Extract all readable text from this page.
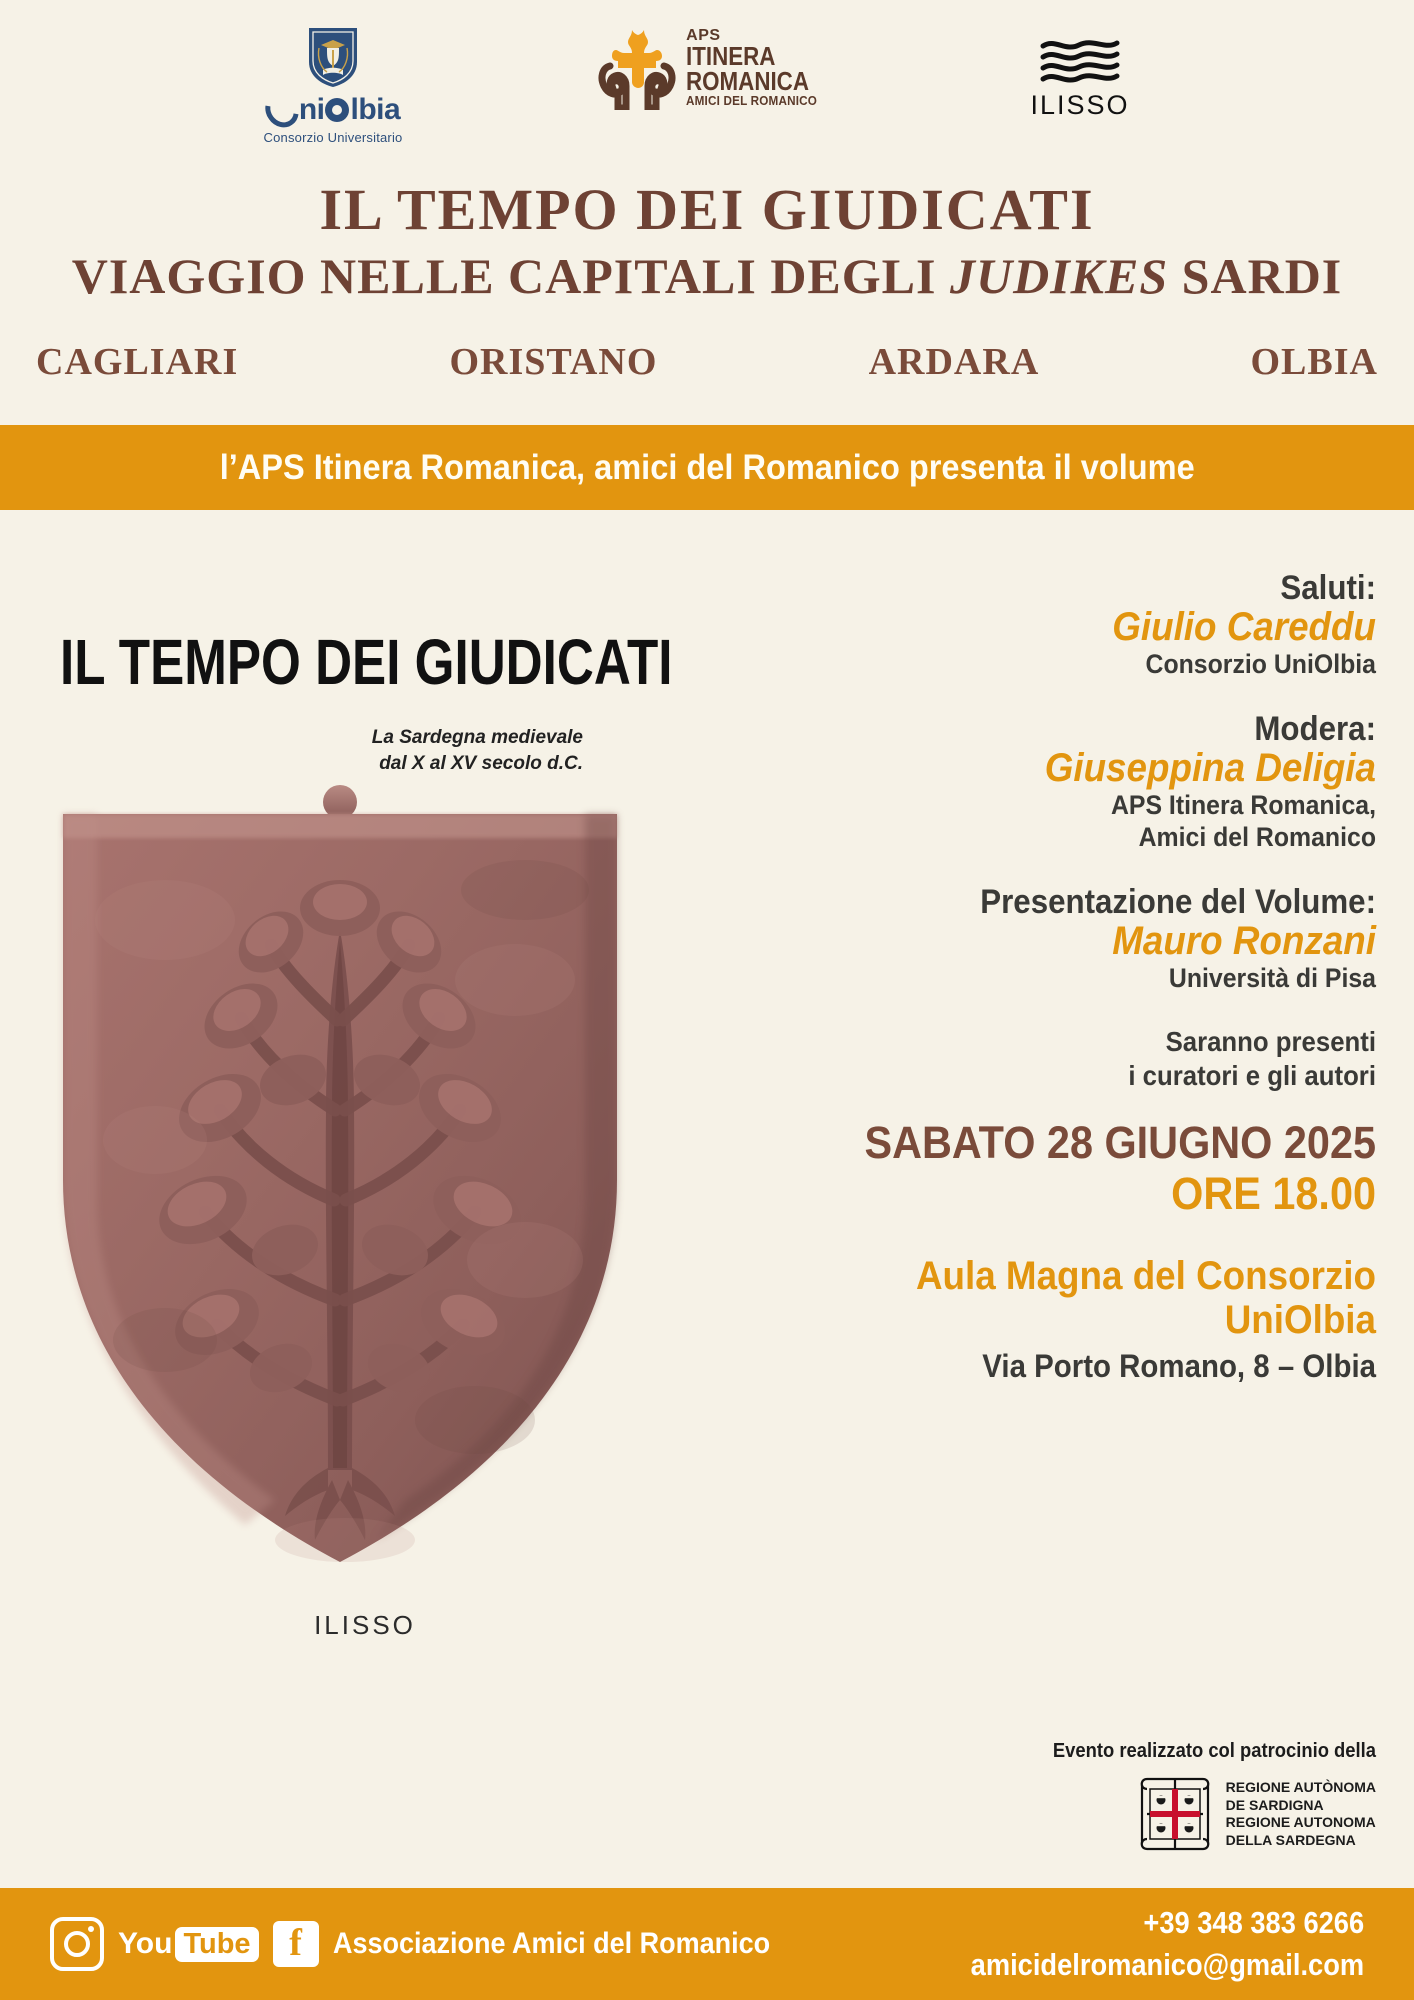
ni lbia
Consorzio Universitario
APS
ITINERA
ROMANICA
AMICI DEL ROMANICO	ILISSO
IL TEMPO DEI GIUDICATI
VIAGGIO NELLE CAPITALI DEGLI JUDIKES SARDI
CAGLIARI	ORISTANO	ARDARA	OLBIA
l’APS Itinera Romanica, amici del Romanico presenta il volume
IL TEMPO DEI GIUDICATI
La Sardegna medievale
dal X al XV secolo d.C.
ILISSO
Saluti:
Giulio Careddu
Consorzio UniOlbia
Modera:
Giuseppina Deligia
APS Itinera Romanica,
Amici del Romanico
Presentazione del Volume:
Mauro Ronzani
Università di Pisa
Saranno presenti
i curatori e gli autori
SABATO 28 GIUGNO 2025
ORE 18.00
Aula Magna del Consorzio UniOlbia
Via Porto Romano, 8 – Olbia
Evento realizzato col patrocinio della
REGIONE AUTÒNOMA
DE SARDIGNA
REGIONE AUTONOMA
DELLA SARDEGNA
You Tube	f	Associazione Amici del Romanico
+39 348 383 6266
amicidelromanico@gmail.com
